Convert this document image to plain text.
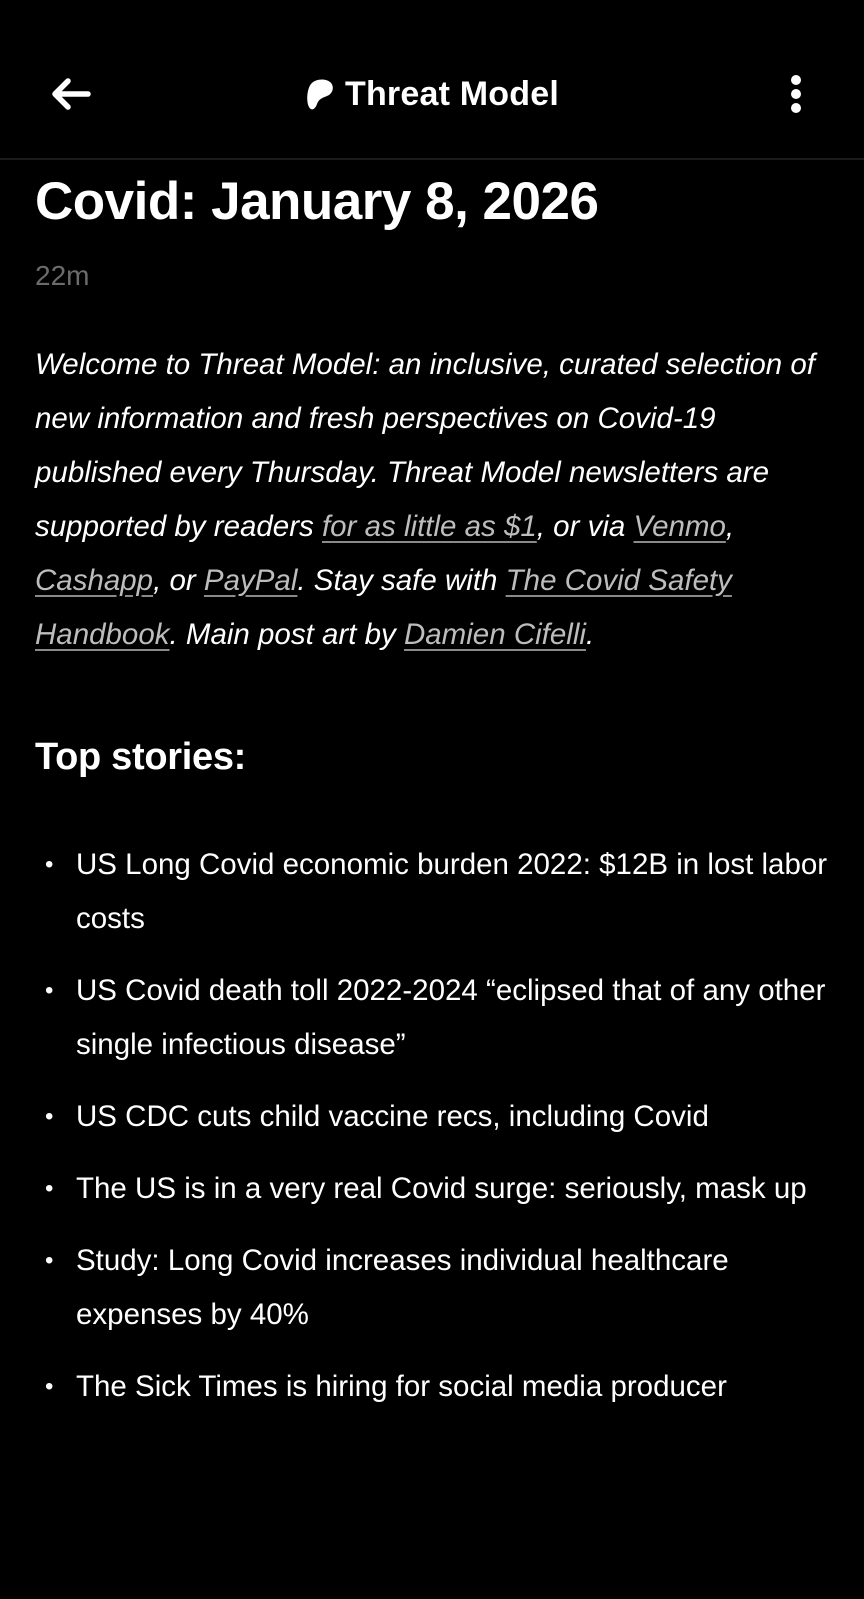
Threat Model
Covid: January 8, 2026
22m

Welcome to Threat Model: an inclusive, curated selection of new information and fresh perspectives on Covid-19 published every Thursday. Threat Model newsletters are supported by readers for as little as $1, or via Venmo, Cashapp, or PayPal. Stay safe with The Covid Safety Handbook. Main post art by Damien Cifelli.

Top stories:
• US Long Covid economic burden 2022: $12B in lost labor costs
• US Covid death toll 2022-2024 “eclipsed that of any other single infectious disease”
• US CDC cuts child vaccine recs, including Covid
• The US is in a very real Covid surge: seriously, mask up
• Study: Long Covid increases individual healthcare expenses by 40%
• The Sick Times is hiring for social media producer
